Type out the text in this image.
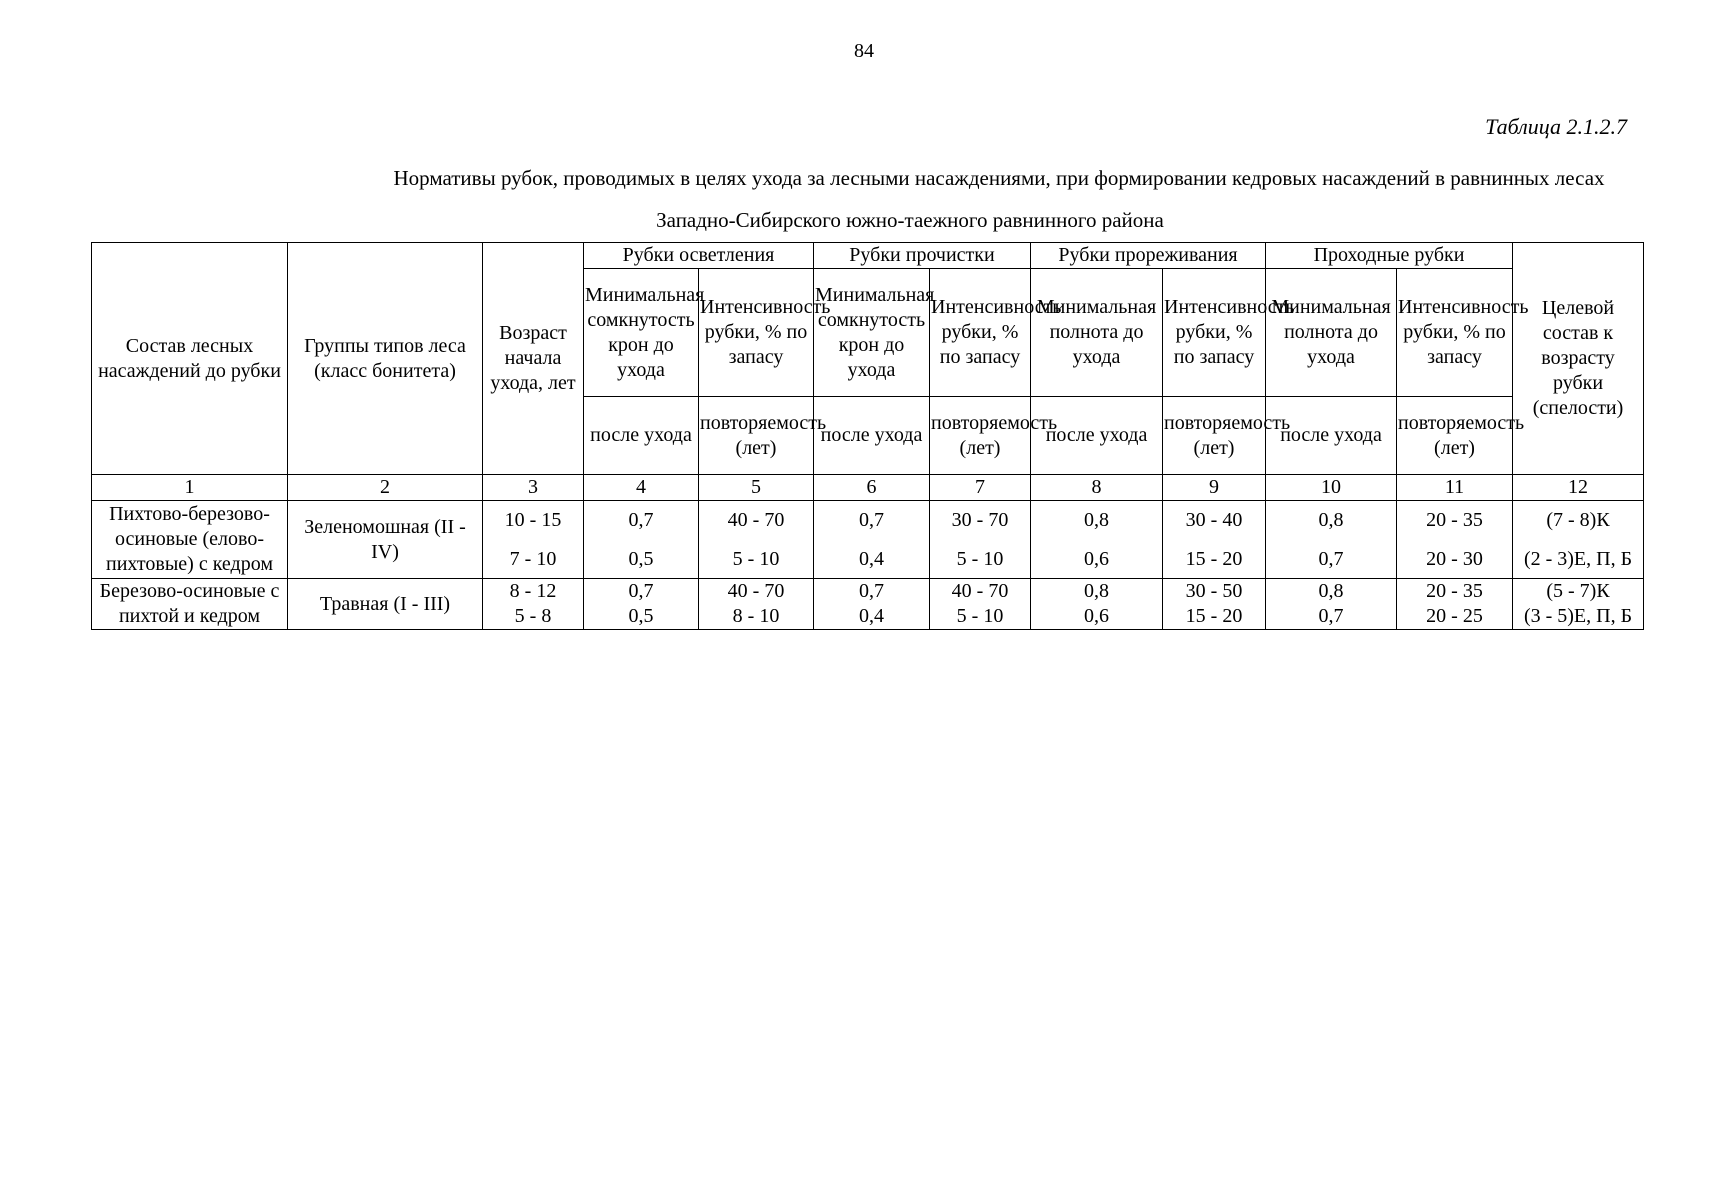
84
Таблица 2.1.2.7
Нормативы рубок, проводимых в целях ухода за лесными насаждениями, при формировании кедровых насаждений в равнинных лесах
Западно-Сибирского южно-таежного равнинного района
Состав лесных насаждений до рубки	Группы типов леса (класс бонитета)	Возраст начала ухода, лет	Рубки осветления		Рубки прочистки		Рубки прореживания		Проходные рубки		Целевой состав к возрасту рубки (спелости)
			Минимальная сомкнутость крон до ухода	Интенсивность рубки, % по запасу	Минимальная сомкнутость крон до ухода	Интенсивность рубки, % по запасу	Минимальная полнота до ухода	Интенсивность рубки, % по запасу	Минимальная полнота до ухода	Интенсивность рубки, % по запасу	
			после ухода	повторяемость (лет)	после ухода	повторяемость (лет)	после ухода	повторяемость (лет)	после ухода	повторяемость (лет)	
1	2	3	4	5	6	7	8	9	10	11	12
Пихтово-березово-осиновые (елово-пихтовые) с кедром	Зеленомошная (II - IV)	10 - 15	0,7	40 - 70	0,7	30 - 70	0,8	30 - 40	0,8	20 - 35	(7 - 8)К
		7 - 10	0,5	5 - 10	0,4	5 - 10	0,6	15 - 20	0,7	20 - 30	(2 - 3)Е, П, Б
Березово-осиновые с пихтой и кедром	Травная (I - III)	8 - 12	0,7	40 - 70	0,7	40 - 70	0,8	30 - 50	0,8	20 - 35	(5 - 7)К
		5 - 8	0,5	8 - 10	0,4	5 - 10	0,6	15 - 20	0,7	20 - 25	(3 - 5)Е, П, Б
